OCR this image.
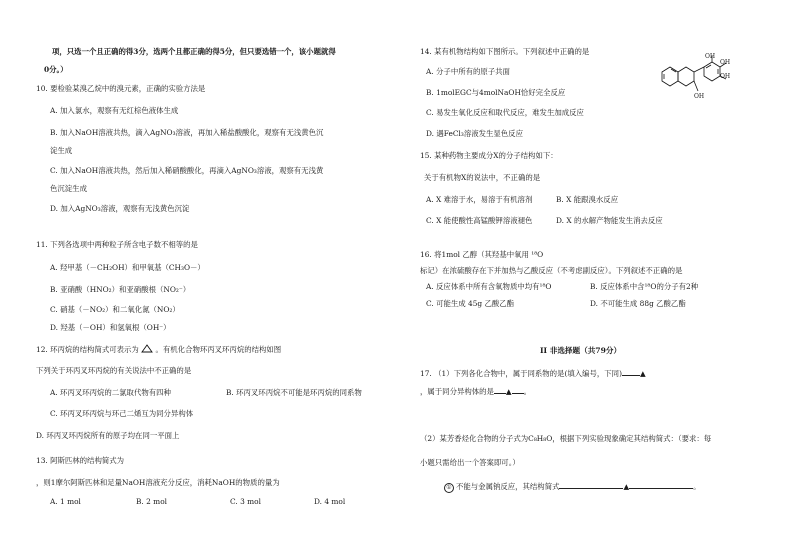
项，只选一个且正确的得3分，选两个且都正确的得5分，但只要选错一个，该小题就得
0分。）
10. 要检验某溴乙烷中的溴元素，正确的实验方法是
A. 加入氯水，观察有无红棕色液体生成
B. 加入NaOH溶液共热，滴入AgNO₃溶液，再加入稀盐酸酸化，观察有无浅黄色沉
淀生成
C. 加入NaOH溶液共热，然后加入稀硝酸酸化，再滴入AgNO₃溶液，观察有无浅黄
色沉淀生成
D. 加入AgNO₃溶液，观察有无浅黄色沉淀
11. 下列各选项中两种粒子所含电子数不相等的是
A. 羟甲基（－CH₂OH）和甲氧基（CH₃O－）
B. 亚硝酸（HNO₂）和亚硝酸根（NO₂⁻）
C. 硝基（－NO₂）和二氧化氮（NO₂）
D. 羟基（－OH）和氢氧根（OH⁻）
12. 环丙烷的结构简式可表示为 。有机化合物环丙叉环丙烷的结构如图
下列关于环丙叉环丙烷的有关说法中不正确的是
A. 环丙叉环丙烷的二氯取代物有四种	B. 环丙叉环丙烷不可能是环丙烷的同系物
C. 环丙叉环丙烷与环己二烯互为同分异构体
D. 环丙叉环丙烷所有的原子均在同一平面上
13. 阿斯匹林的结构简式为
，则1摩尔阿斯匹林和足量NaOH溶液充分反应，消耗NaOH的物质的量为
A. 1 mol	B. 2 mol	C. 3 mol	D. 4 mol
14. 某有机物结构如下图所示。下列叙述中正确的是
A. 分子中所有的原子共面
B. 1molEGC与4molNaOH恰好完全反应
C. 易发生氧化反应和取代反应，难发生加成反应
D. 遇FeCl₃溶液发生显色反应
OH
OH
OH
OH
15. 某种药物主要成分X的分子结构如下：
关于有机物X的说法中，不正确的是
A. X 难溶于水，易溶于有机溶剂	B. X 能跟溴水反应
C. X 能使酸性高锰酸钾溶液褪色	D. X 的水解产物能发生消去反应
16. 将1mol 乙醇（其羟基中氧用 ¹⁸O
标记）在浓硫酸存在下并加热与乙酸反应（不考虑副反应）。下列叙述不正确的是
A. 反应体系中所有含氧物质中均有¹⁸O	B. 反应体系中含¹⁸O的分子有2种
C. 可能生成 45g 乙酸乙酯	D. 不可能生成 88g 乙酸乙酯
II 非选择题（共79分）
17. （1）下列各化合物中，属于同系物的是(填入编号，下同) ▲
，属于同分异构体的是 ▲ 。
（2）某芳香烃化合物的分子式为C₈H₈O，根据下列实验现象确定其结构简式：（要求：每
小题只需给出一个答案即可。）
① 不能与金属钠反应，其结构简式	▲	。
